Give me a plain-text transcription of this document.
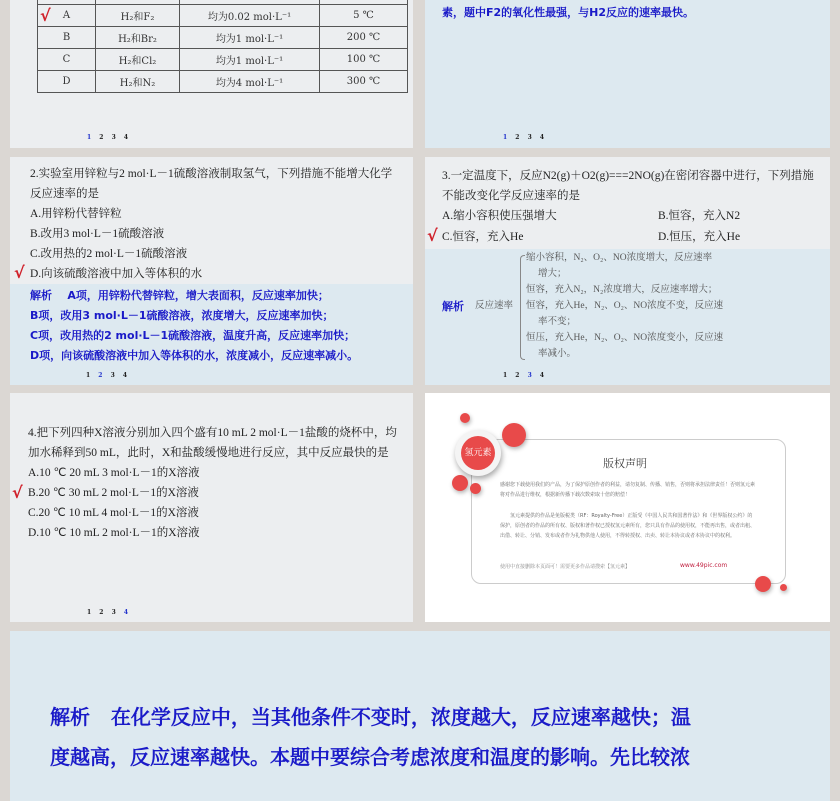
A	H₂和F₂	均为0.02 mol·L⁻¹	5 ℃
B	H₂和Br₂	均为1 mol·L⁻¹	200 ℃
C	H₂和Cl₂	均为1 mol·L⁻¹	100 ℃
D	H₂和N₂	均为4 mol·L⁻¹	300 ℃
√
1 2 3 4
素，题中F2的氧化性最强，与H2反应的速率最快。
1 2 3 4
2.实验室用锌粒与2 mol·L－1硫酸溶液制取氢气，下列措施不能增大化学
反应速率的是
A.用锌粉代替锌粒
B.改用3 mol·L－1硫酸溶液
C.改用热的2 mol·L－1硫酸溶液
D.向该硫酸溶液中加入等体积的水
√
解析 A项，用锌粉代替锌粒，增大表面积，反应速率加快；
B项，改用3 mol·L－1硫酸溶液，浓度增大，反应速率加快；
C项，改用热的2 mol·L－1硫酸溶液，温度升高，反应速率加快；
D项，向该硫酸溶液中加入等体积的水，浓度减小，反应速率减小。
1 2 3 4
3.一定温度下，反应N2(g)＋O2(g)===2NO(g)在密闭容器中进行，下列措施
不能改变化学反应速率的是
A.缩小容积使压强增大	B.恒容，充入N2
C.恒容，充入He	D.恒压，充入He
√
解析 反应速率
缩小容积，N₂、O₂、NO浓度增大，反应速率
增大；
恒容，充入N₂，N₂浓度增大，反应速率增大；
恒容，充入He，N₂、O₂、NO浓度不变，反应速
率不变；
恒压，充入He，N₂、O₂、NO浓度变小，反应速
率减小。
1 2 3 4
4.把下列四种X溶液分别加入四个盛有10 mL 2 mol·L－1盐酸的烧杯中，均
加水稀释到50 mL，此时，X和盐酸缓慢地进行反应，其中反应最快的是
A.10 ℃ 20 mL 3 mol·L－1的X溶液
B.20 ℃ 30 mL 2 mol·L－1的X溶液
C.20 ℃ 10 mL 4 mol·L－1的X溶液
D.10 ℃ 10 mL 2 mol·L－1的X溶液
√
1 2 3 4
氢元素
版权声明
感谢您下载使用我们的产品，为了保护原创作者的利益，请勿复制、传播、销售，否则将承担法律责任！否则氢元素将对作品进行维权，根据新传播下载次数索取十倍的赔偿！
氢元素提供的作品是免版税类（RF：Royalty-Free）正版受《中国人民共和国著作法》和《世界版权公约》的保护，原创者的作品的所有权、版权和著作权已授权氢元素所有，您只具有作品的使用权，不能再出售，或者出租、出借、转让、分销、发布或者作为礼物供他人使用，不得转授权、出卖、转让本协议或者本协议中的权利。
使用中直接删除本页面可！需要更多作品请搜索【氢元素】	www.49pic.com
解析 在化学反应中，当其他条件不变时，浓度越大，反应速率越快；温
度越高，反应速率越快。本题中要综合考虑浓度和温度的影响。先比较浓
